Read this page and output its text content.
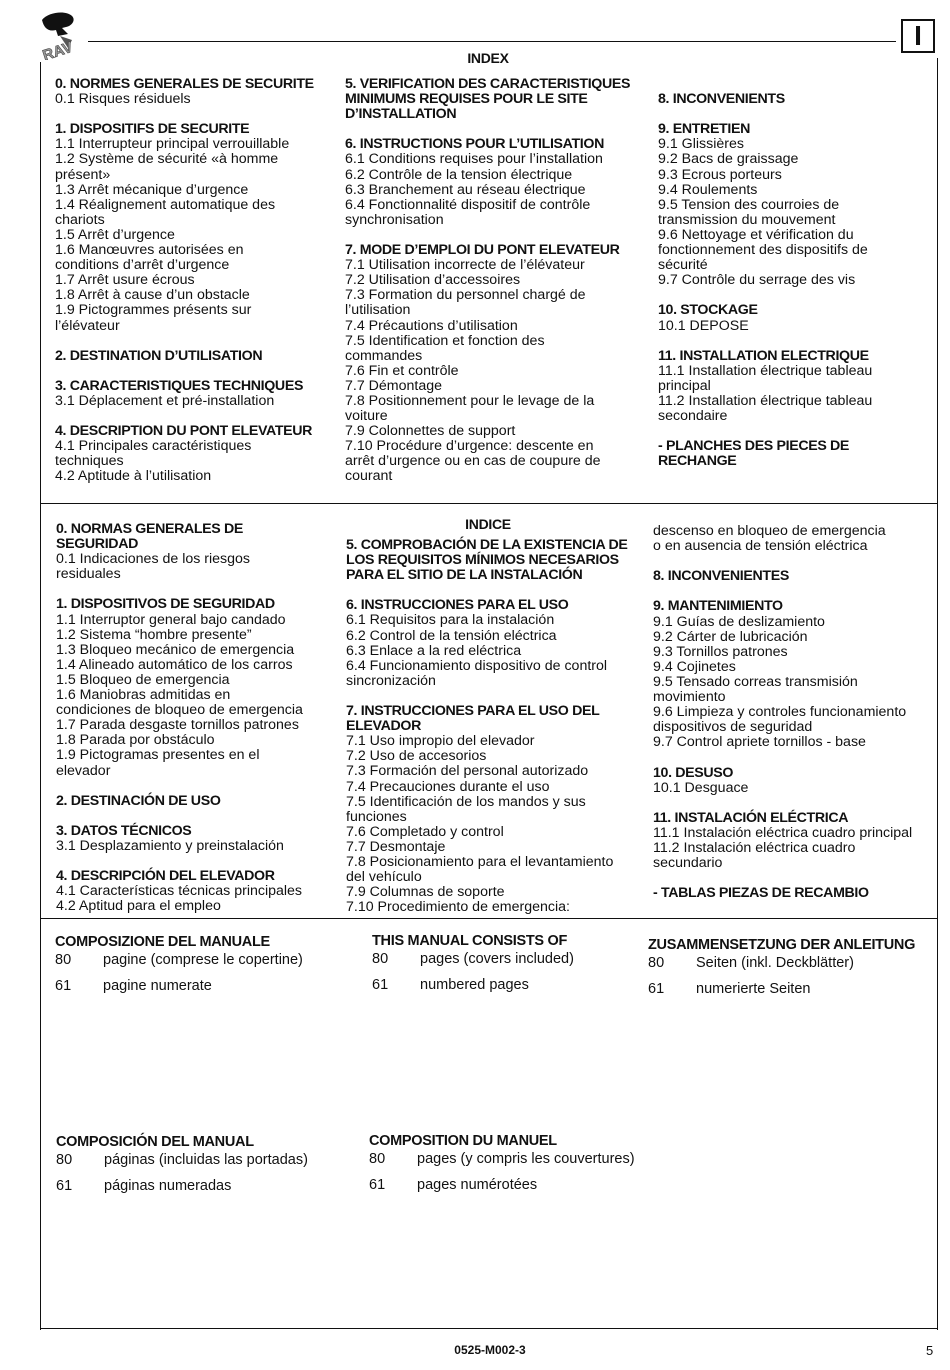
RAV
I
INDEX
0. NORMES GENERALES DE SECURITE
0.1 Risques résiduels
1. DISPOSITIFS DE SECURITE
1.1 Interrupteur principal verrouillable
1.2 Système de sécurité «à homme
présent»
1.3 Arrêt mécanique d’urgence
1.4 Réalignement automatique des
chariots
1.5 Arrêt d’urgence
1.6 Manœuvres autorisées en
conditions d’arrêt d’urgence
1.7 Arrêt usure écrous
1.8 Arrêt à cause d’un obstacle
1.9 Pictogrammes présents sur
l’élévateur
2. DESTINATION D’UTILISATION
3. CARACTERISTIQUES TECHNIQUES
3.1 Déplacement et pré-installation
4. DESCRIPTION DU PONT ELEVATEUR
4.1 Principales caractéristiques
techniques
4.2 Aptitude à l’utilisation
5. VERIFICATION DES CARACTERISTIQUES
MINIMUMS REQUISES POUR LE SITE
D’INSTALLATION
6. INSTRUCTIONS POUR L’UTILISATION
6.1 Conditions requises pour l’installation
6.2 Contrôle de la tension électrique
6.3 Branchement au réseau électrique
6.4 Fonctionnalité dispositif de contrôle
synchronisation
7. MODE D’EMPLOI DU PONT ELEVATEUR
7.1 Utilisation incorrecte de l’élévateur
7.2 Utilisation d’accessoires
7.3 Formation du personnel chargé de
l’utilisation
7.4 Précautions d’utilisation
7.5 Identification et fonction des
commandes
7.6 Fin et contrôle
7.7 Démontage
7.8 Positionnement pour le levage de la
voiture
7.9 Colonnettes de support
7.10 Procédure d’urgence: descente en
arrêt d’urgence ou en cas de coupure de
courant
8. INCONVENIENTS
9. ENTRETIEN
9.1 Glissières
9.2 Bacs de graissage
9.3 Ecrous porteurs
9.4 Roulements
9.5 Tension des courroies de
transmission du mouvement
9.6 Nettoyage et vérification du
fonctionnement des dispositifs de
sécurité
9.7 Contrôle du serrage des vis
10. STOCKAGE
10.1 DEPOSE
11. INSTALLATION ELECTRIQUE
11.1 Installation électrique tableau
principal
11.2 Installation électrique tableau
secondaire
- PLANCHES DES PIECES DE
RECHANGE
INDICE
0. NORMAS GENERALES DE
SEGURIDAD
0.1 Indicaciones de los riesgos
residuales
1. DISPOSITIVOS DE SEGURIDAD
1.1 Interruptor general bajo candado
1.2 Sistema “hombre presente”
1.3 Bloqueo mecánico de emergencia
1.4 Alineado automático de los carros
1.5 Bloqueo de emergencia
1.6 Maniobras admitidas en
condiciones de bloqueo de emergencia
1.7 Parada desgaste tornillos patrones
1.8 Parada por obstáculo
1.9 Pictogramas presentes en el
elevador
2. DESTINACIÓN DE USO
3. DATOS TÉCNICOS
3.1 Desplazamiento y preinstalación
4. DESCRIPCIÓN DEL ELEVADOR
4.1 Características técnicas principales
4.2 Aptitud para el empleo
5. COMPROBACIÓN DE LA EXISTENCIA DE
LOS REQUISITOS MÍNIMOS NECESARIOS
PARA EL SITIO DE LA INSTALACIÓN
6. INSTRUCCIONES PARA EL USO
6.1 Requisitos para la instalación
6.2 Control de la tensión eléctrica
6.3 Enlace a la red eléctrica
6.4 Funcionamiento dispositivo de control
sincronización
7. INSTRUCCIONES PARA EL USO DEL
ELEVADOR
7.1 Uso impropio del elevador
7.2 Uso de accesorios
7.3 Formación del personal autorizado
7.4 Precauciones durante el uso
7.5 Identificación de los mandos y sus
funciones
7.6 Completado y control
7.7 Desmontaje
7.8 Posicionamiento para el levantamiento
del vehículo
7.9 Columnas de soporte
7.10 Procedimiento de emergencia:
descenso en bloqueo de emergencia
o en ausencia de tensión eléctrica
8. INCONVENIENTES
9. MANTENIMIENTO
9.1 Guías de deslizamiento
9.2 Cárter de lubricación
9.3 Tornillos patrones
9.4 Cojinetes
9.5 Tensado correas transmisión
movimiento
9.6 Limpieza y controles funcionamiento
dispositivos de seguridad
9.7 Control apriete tornillos - base
10. DESUSO
10.1 Desguace
11. INSTALACIÓN ELÉCTRICA
11.1 Instalación eléctrica cuadro principal
11.2 Instalación eléctrica cuadro
secundario
- TABLAS PIEZAS DE RECAMBIO
COMPOSIZIONE DEL MANUALE
80	pagine (comprese le copertine)
61	pagine numerate
THIS MANUAL CONSISTS OF
80	pages (covers included)
61	numbered pages
ZUSAMMENSETZUNG DER ANLEITUNG
80	Seiten (inkl. Deckblätter)
61	numerierte Seiten
COMPOSICIÓN DEL MANUAL
80	páginas (incluidas las portadas)
61	páginas numeradas
COMPOSITION DU MANUEL
80	pages (y compris les couvertures)
61	pages numérotées
0525-M002-3	5
